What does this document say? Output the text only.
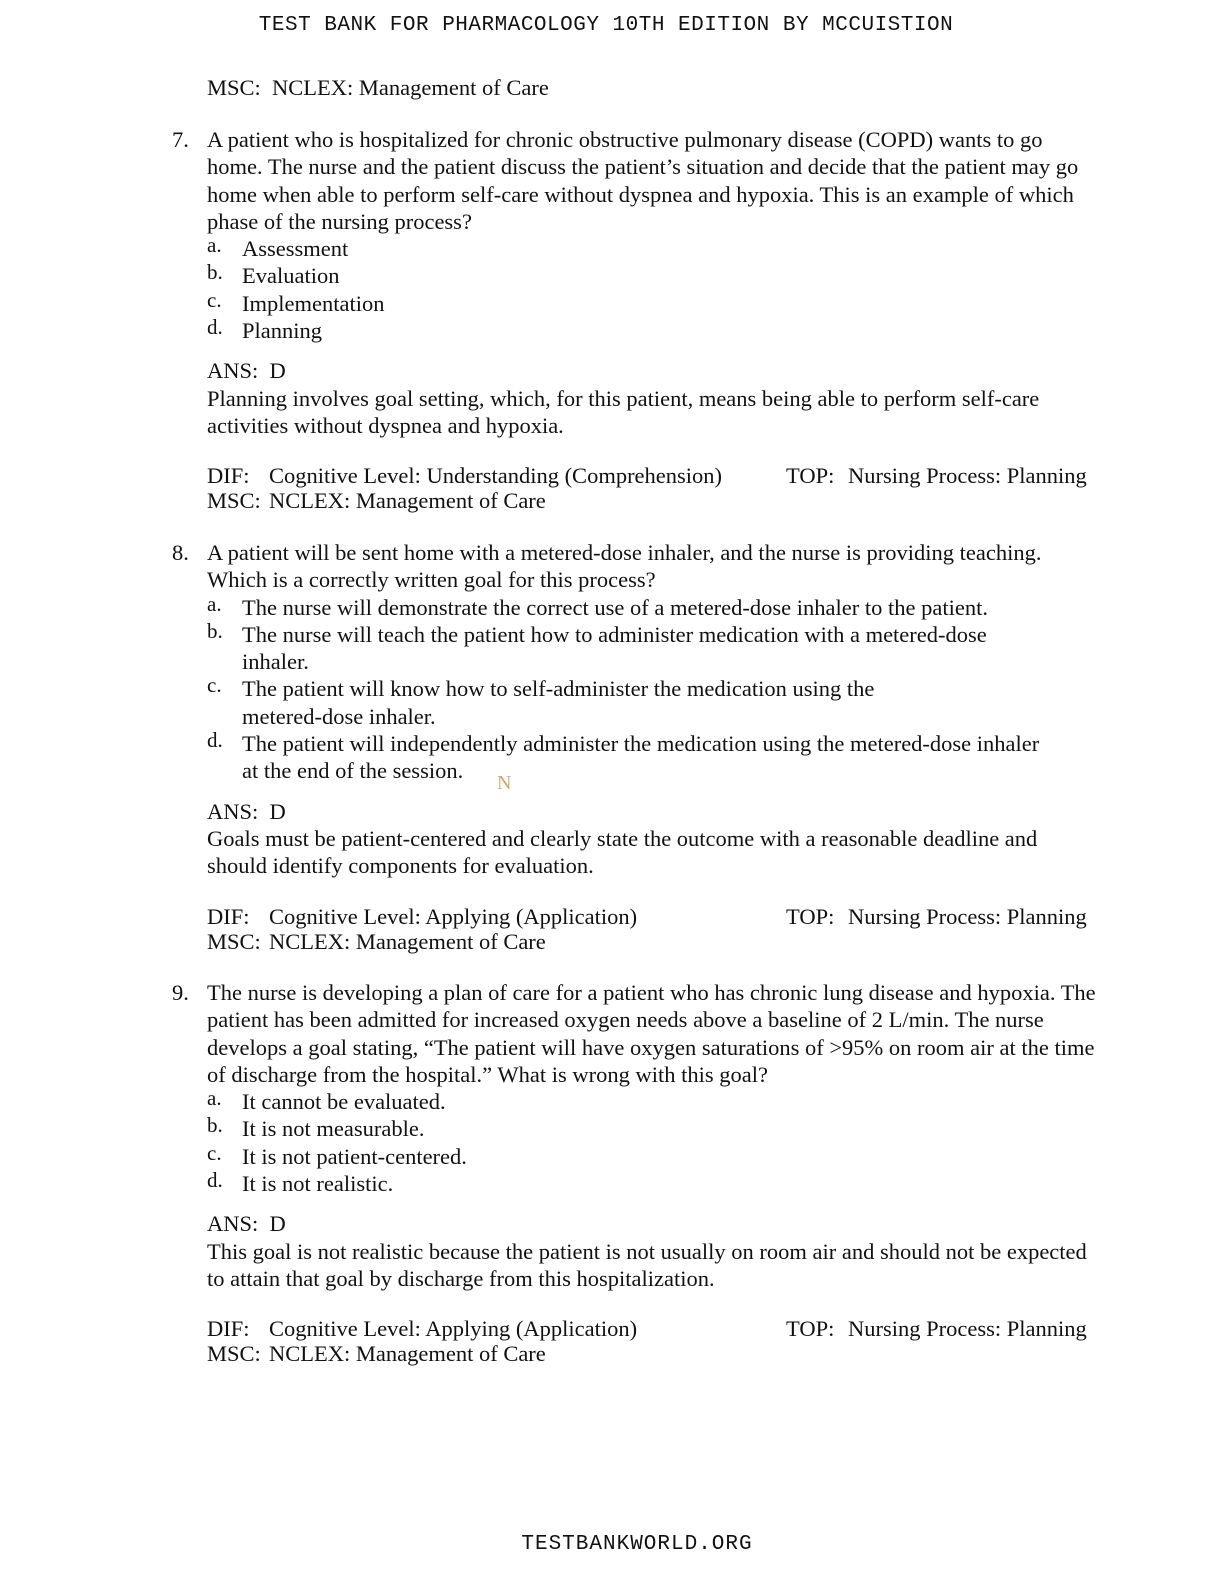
TEST BANK FOR PHARMACOLOGY 10TH EDITION BY MCCUISTION
MSC: NCLEX: Management of Care
7. A patient who is hospitalized for chronic obstructive pulmonary disease (COPD) wants to go home. The nurse and the patient discuss the patient’s situation and decide that the patient may go home when able to perform self-care without dyspnea and hypoxia. This is an example of which phase of the nursing process?
a. Assessment
b. Evaluation
c. Implementation
d. Planning
ANS: D
Planning involves goal setting, which, for this patient, means being able to perform self-care activities without dyspnea and hypoxia.
DIF: Cognitive Level: Understanding (Comprehension)	TOP: Nursing Process: Planning
MSC: NCLEX: Management of Care
8. A patient will be sent home with a metered-dose inhaler, and the nurse is providing teaching. Which is a correctly written goal for this process?
a. The nurse will demonstrate the correct use of a metered-dose inhaler to the patient.
b. The nurse will teach the patient how to administer medication with a metered-dose inhaler.
c. The patient will know how to self-administer the medication using the metered-dose inhaler.
d. The patient will independently administer the medication using the metered-dose inhaler at the end of the session.
ANS: D
Goals must be patient-centered and clearly state the outcome with a reasonable deadline and should identify components for evaluation.
DIF: Cognitive Level: Applying (Application)	TOP: Nursing Process: Planning
MSC: NCLEX: Management of Care
9. The nurse is developing a plan of care for a patient who has chronic lung disease and hypoxia. The patient has been admitted for increased oxygen needs above a baseline of 2 L/min. The nurse develops a goal stating, “The patient will have oxygen saturations of >95% on room air at the time of discharge from the hospital.” What is wrong with this goal?
a. It cannot be evaluated.
b. It is not measurable.
c. It is not patient-centered.
d. It is not realistic.
ANS: D
This goal is not realistic because the patient is not usually on room air and should not be expected to attain that goal by discharge from this hospitalization.
DIF: Cognitive Level: Applying (Application)	TOP: Nursing Process: Planning
MSC: NCLEX: Management of Care
N
TESTBANKWORLD.ORG
